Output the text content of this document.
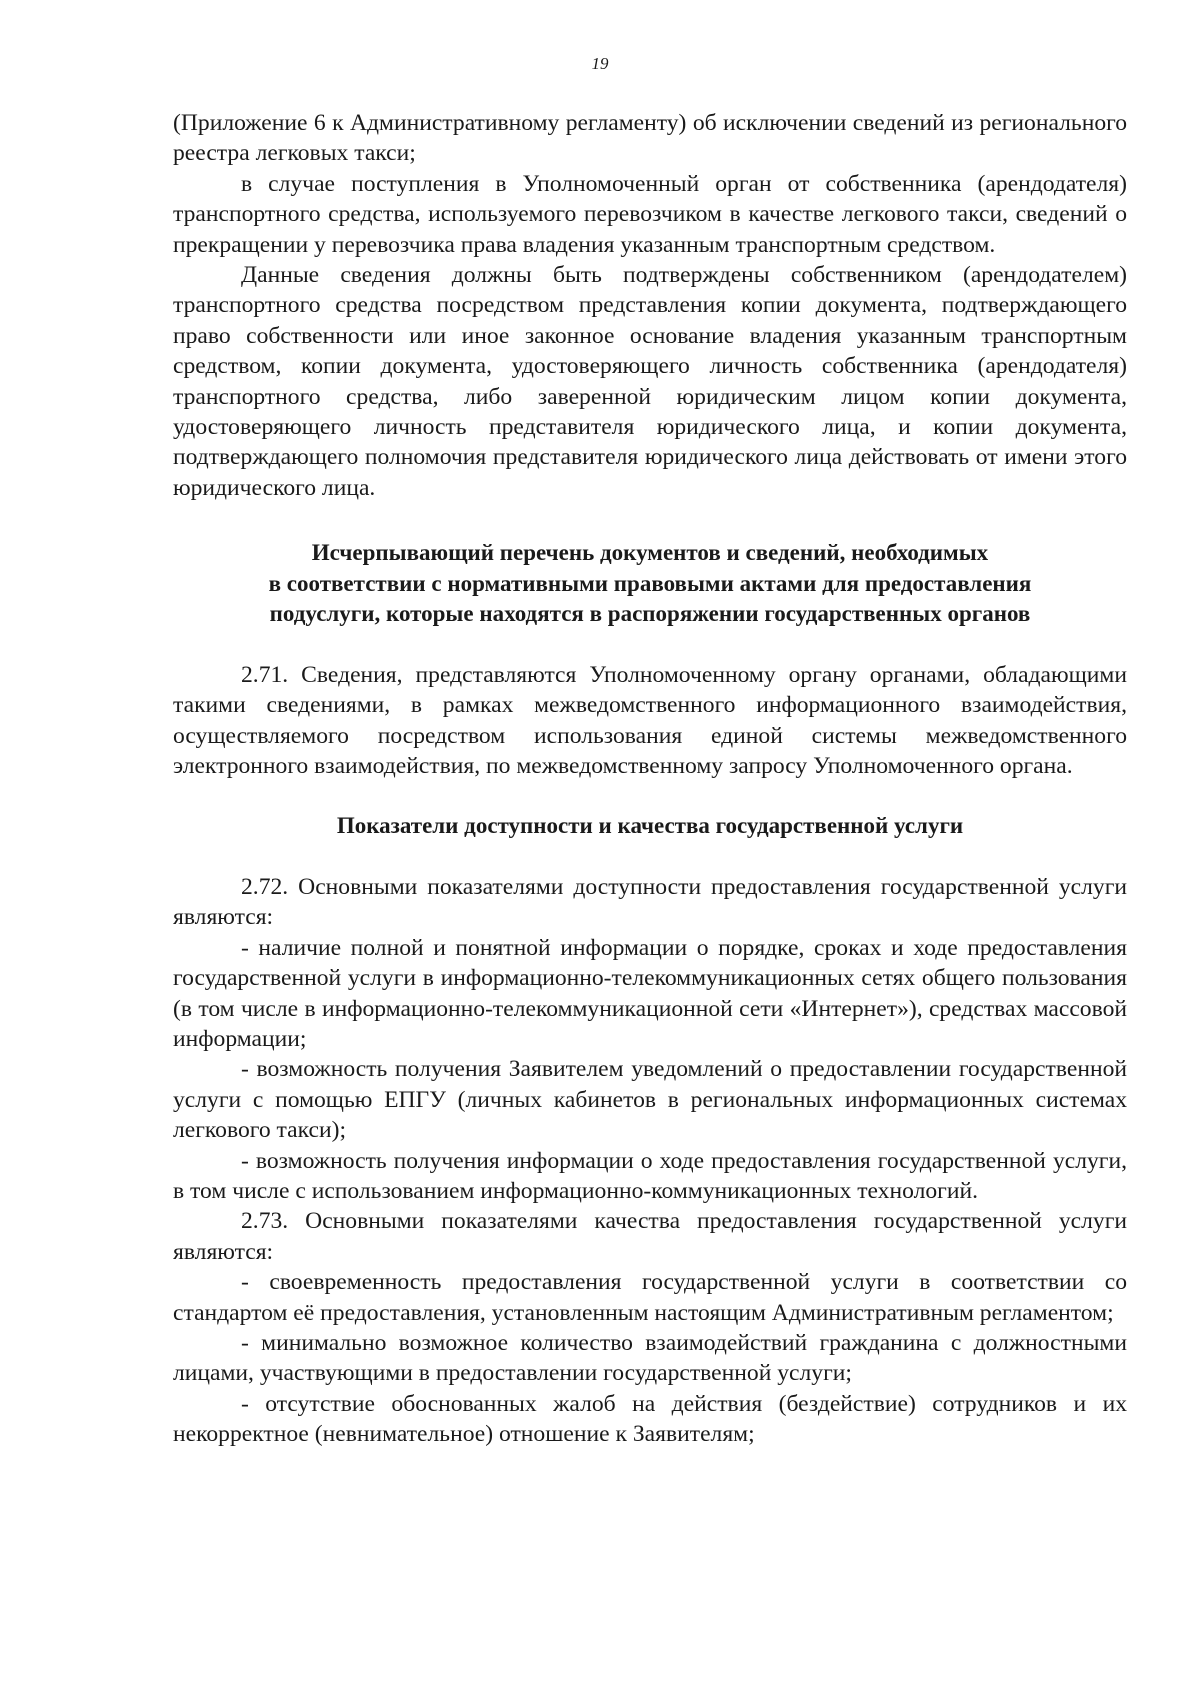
19

(Приложение 6 к Административному регламенту) об исключении сведений из регионального реестра легковых такси;

в случае поступления в Уполномоченный орган от собственника (арендодателя) транспортного средства, используемого перевозчиком в качестве легкового такси, сведений о прекращении у перевозчика права владения указанным транспортным средством.

Данные сведения должны быть подтверждены собственником (арендодателем) транспортного средства посредством представления копии документа, подтверждающего право собственности или иное законное основание владения указанным транспортным средством, копии документа, удостоверяющего личность собственника (арендодателя) транспортного средства, либо заверенной юридическим лицом копии документа, удостоверяющего личность представителя юридического лица, и копии документа, подтверждающего полномочия представителя юридического лица действовать от имени этого юридического лица.

Исчерпывающий перечень документов и сведений, необходимых
в соответствии с нормативными правовыми актами для предоставления
подуслуги, которые находятся в распоряжении государственных органов

2.71. Сведения, представляются Уполномоченному органу органами, обладающими такими сведениями, в рамках межведомственного информационного взаимодействия, осуществляемого посредством использования единой системы межведомственного электронного взаимодействия, по межведомственному запросу Уполномоченного органа.

Показатели доступности и качества государственной услуги

2.72. Основными показателями доступности предоставления государственной услуги являются:

- наличие полной и понятной информации о порядке, сроках и ходе предоставления государственной услуги в информационно-телекоммуникационных сетях общего пользования (в том числе в информационно-телекоммуникационной сети «Интернет»), средствах массовой информации;

- возможность получения Заявителем уведомлений о предоставлении государственной услуги с помощью ЕПГУ (личных кабинетов в региональных информационных системах легкового такси);

- возможность получения информации о ходе предоставления государственной услуги, в том числе с использованием информационно-коммуникационных технологий.

2.73. Основными показателями качества предоставления государственной услуги являются:

- своевременность предоставления государственной услуги в соответствии со стандартом её предоставления, установленным настоящим Административным регламентом;

- минимально возможное количество взаимодействий гражданина с должностными лицами, участвующими в предоставлении государственной услуги;

- отсутствие обоснованных жалоб на действия (бездействие) сотрудников и их некорректное (невнимательное) отношение к Заявителям;
